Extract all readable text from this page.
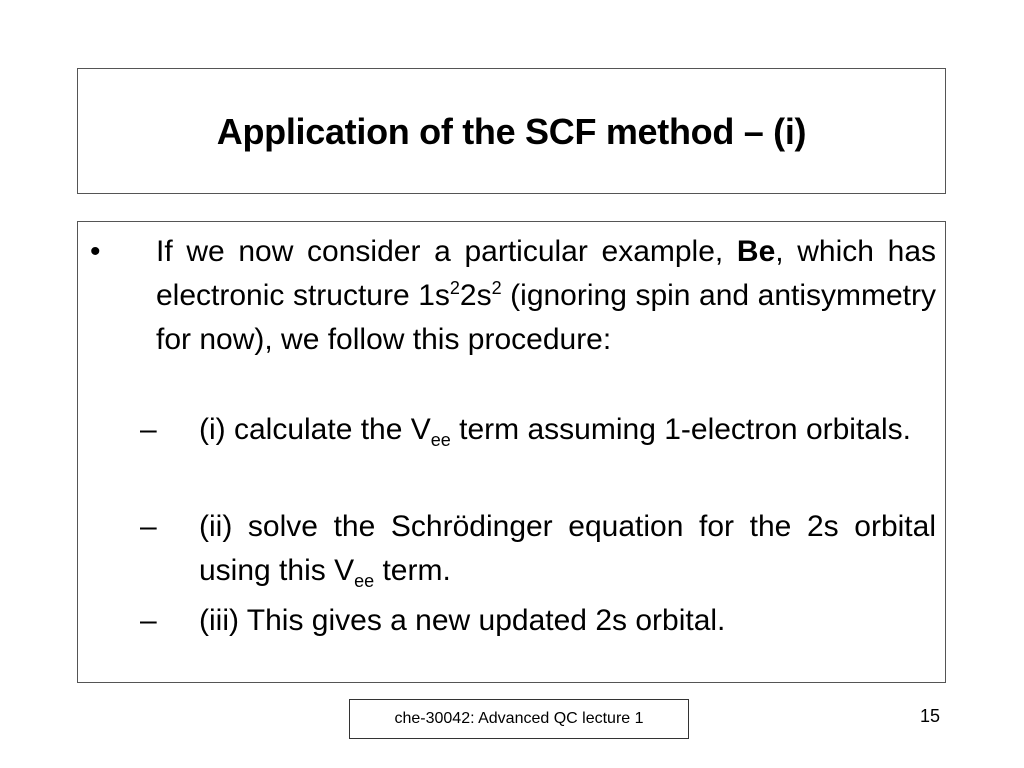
Application of the SCF method – (i)
• If we now consider a particular example, Be, which has electronic structure $1s^22s^2$ (ignoring spin and antisymmetry for now), we follow this procedure:
– (i) calculate the $V_{ee}$ term assuming 1-electron orbitals.
– (ii) solve the Schrödinger equation for the 2s orbital using this $V_{ee}$ term.
– (iii) This gives a new updated 2s orbital.
che-30042: Advanced QC lecture 1	15
